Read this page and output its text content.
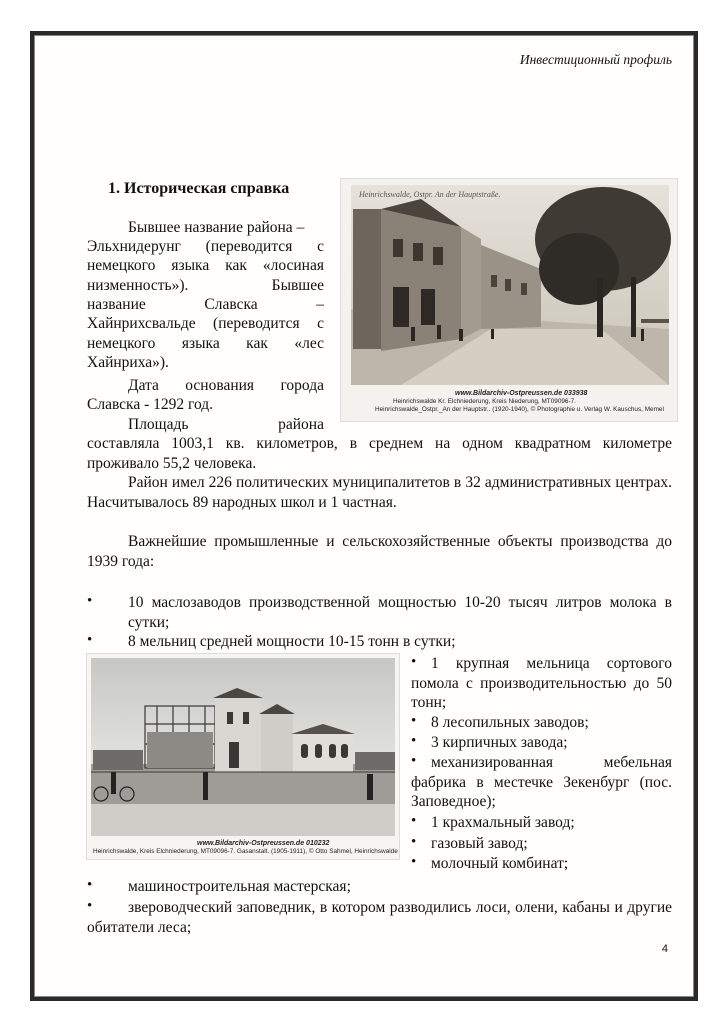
Инвестиционный профиль
1. Историческая справка
Бывшее название района –
Эльхнидерунг (переводится с
немецкого языка как «лосиная
низменность»). Бывшее
название Славска –
Хайнрихсвальде (переводится с
немецкого языка как «лес
Хайнриха»).
Дата основания города
Славска - 1292 год.
Площадь района
Heinrichswalde, Ostpr. An der Hauptstraße.
www.Bildarchiv-Ostpreussen.de 033938
Heinrichswalde Kr. Elchniederung, Kreis Niederung, MT09096-7.
Heinrichswalde_Ostpr._An der Hauptstr.. (1920-1940), © Photographie u. Verlag W. Kauschus, Memel
составляла 1003,1 кв. километров, в среднем на одном квадратном километре проживало 55,2 человека.
Район имел 226 политических муниципалитетов в 32 административных центрах. Насчитывалось 89 народных школ и 1 частная.
Важнейшие промышленные и сельскохозяйственные объекты производства до 1939 года:
• 10 маслозаводов производственной мощностью 10-20 тысяч литров молока в сутки;
• 8 мельниц средней мощности 10-15 тонн в сутки;
www.Bildarchiv-Ostpreussen.de 010232
Heinrichswalde, Kreis Elchniederung, MT09096-7. Gasanstalt. (1905-1911), © Otto Sahmel, Heinrichswalde
• 1 крупная мельница сортового помола с производительностью до 50 тонн;
• 8 лесопильных заводов;
• 3 кирпичных завода;
• механизированная мебельная фабрика в местечке Зекенбург (пос. Заповедное);
• 1 крахмальный завод;
• газовый завод;
• молочный комбинат;
• машиностроительная мастерская;
•	звероводческий заповедник, в котором разводились лоси, олени, кабаны и другие обитатели леса;
4
